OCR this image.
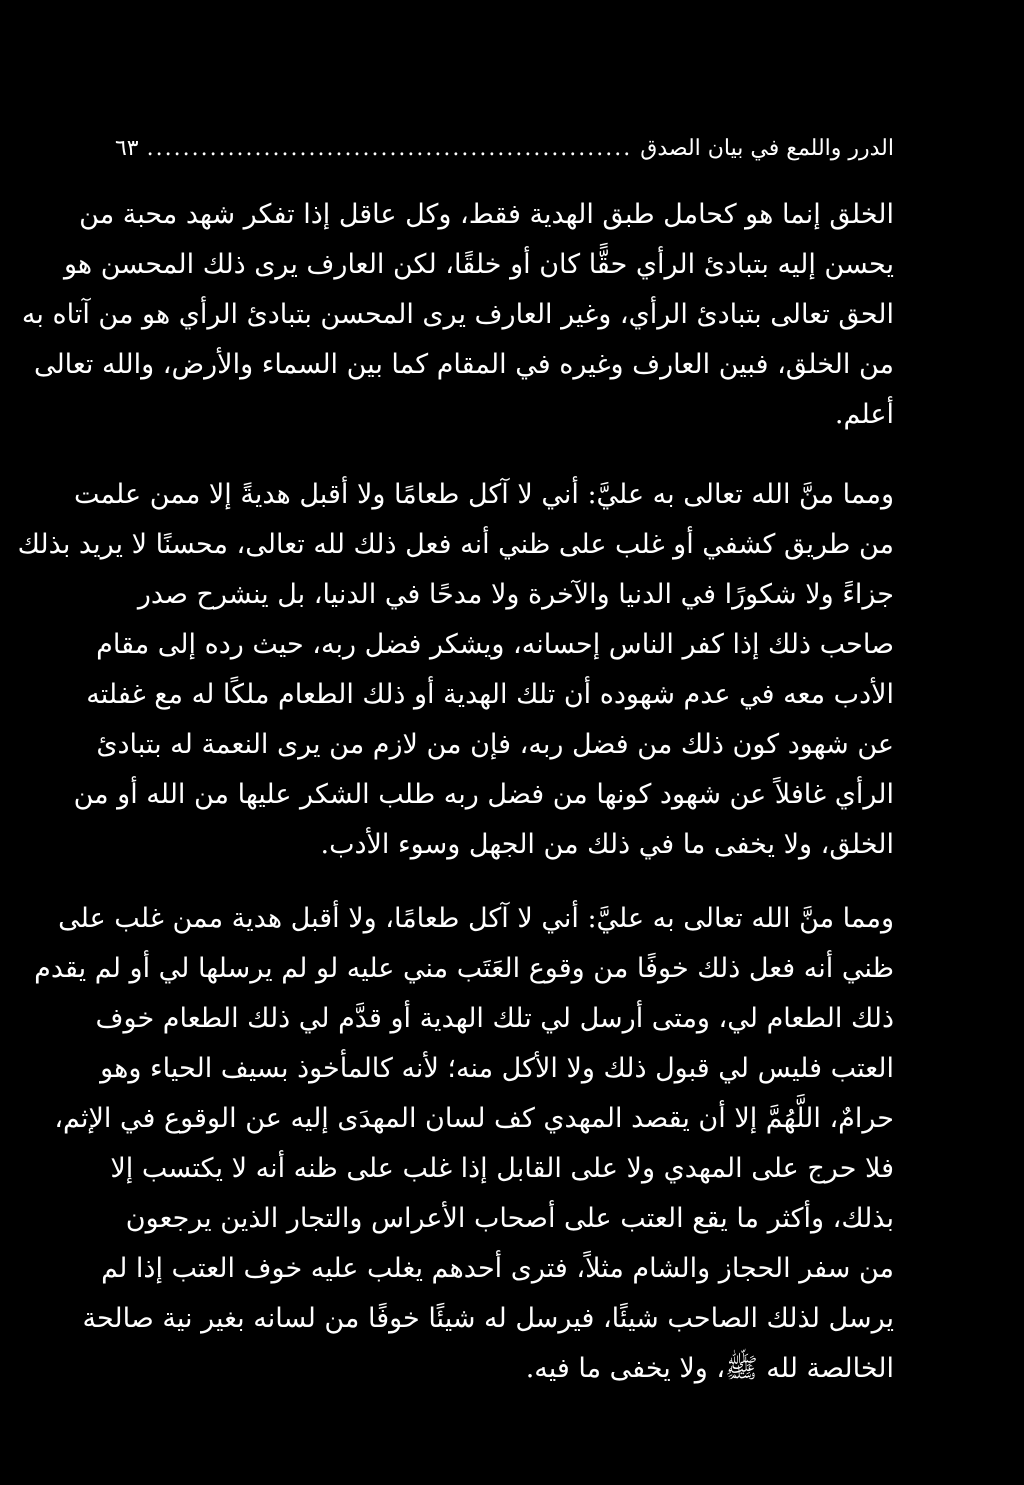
الدرر واللمع في بيان الصدق
......................................................
٦٣
الخلق إنما هو كحامل طبق الهدية فقط، وكل عاقل إذا تفكر شهد محبة من
يحسن إليه بتبادئ الرأي حقًّا كان أو خلقًا، لكن العارف يرى ذلك المحسن هو
الحق تعالى بتبادئ الرأي، وغير العارف يرى المحسن بتبادئ الرأي هو من آتاه به
من الخلق، فبين العارف وغيره في المقام كما بين السماء والأرض، والله تعالى
أعلم.
ومما منَّ الله تعالى به عليَّ: أني لا آكل طعامًا ولا أقبل هديةً إلا ممن علمت
من طريق كشفي أو غلب على ظني أنه فعل ذلك لله تعالى، محسنًا لا يريد بذلك
جزاءً ولا شكورًا في الدنيا والآخرة ولا مدحًا في الدنيا، بل ينشرح صدر
صاحب ذلك إذا كفر الناس إحسانه، ويشكر فضل ربه، حيث رده إلى مقام
الأدب معه في عدم شهوده أن تلك الهدية أو ذلك الطعام ملكًا له مع غفلته
عن شهود كون ذلك من فضل ربه، فإن من لازم من يرى النعمة له بتبادئ
الرأي غافلاً عن شهود كونها من فضل ربه طلب الشكر عليها من الله أو من
الخلق، ولا يخفى ما في ذلك من الجهل وسوء الأدب.
ومما منَّ الله تعالى به عليَّ: أني لا آكل طعامًا، ولا أقبل هدية ممن غلب على
ظني أنه فعل ذلك خوفًا من وقوع العَتَب مني عليه لو لم يرسلها لي أو لم يقدم
ذلك الطعام لي، ومتى أرسل لي تلك الهدية أو قدَّم لي ذلك الطعام خوف
العتب فليس لي قبول ذلك ولا الأكل منه؛ لأنه كالمأخوذ بسيف الحياء وهو
حرامٌ، اللَّهُمَّ إلا أن يقصد المهدي كف لسان المهدَى إليه عن الوقوع في الإثم،
فلا حرج على المهدي ولا على القابل إذا غلب على ظنه أنه لا يكتسب إلا
بذلك، وأكثر ما يقع العتب على أصحاب الأعراس والتجار الذين يرجعون
من سفر الحجاز والشام مثلاً، فترى أحدهم يغلب عليه خوف العتب إذا لم
يرسل لذلك الصاحب شيئًا، فيرسل له شيئًا خوفًا من لسانه بغير نية صالحة
الخالصة لله ﷺ، ولا يخفى ما فيه.
